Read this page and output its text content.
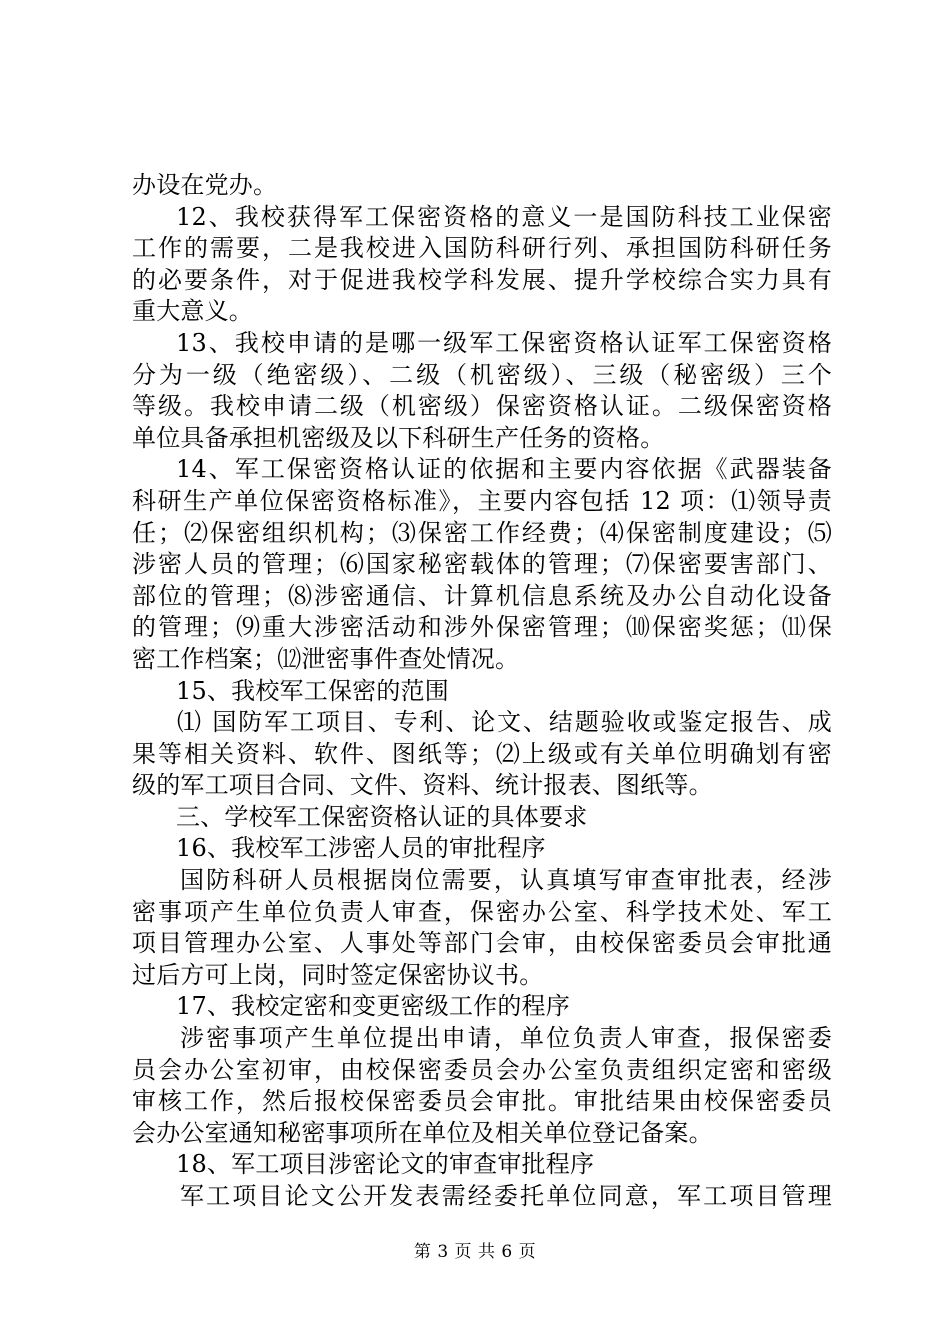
办设在党办。
12、我校获得军工保密资格的意义一是国防科技工业保密
工作的需要，二是我校进入国防科研行列、承担国防科研任务
的必要条件，对于促进我校学科发展、提升学校综合实力具有
重大意义。
13、我校申请的是哪一级军工保密资格认证军工保密资格
分为一级（绝密级）、二级（机密级）、三级（秘密级）三个
等级。我校申请二级（机密级）保密资格认证。二级保密资格
单位具备承担机密级及以下科研生产任务的资格。
14、军工保密资格认证的依据和主要内容依据《武器装备
科研生产单位保密资格标准》，主要内容包括 12 项：⑴领导责
任；⑵保密组织机构；⑶保密工作经费；⑷保密制度建设；⑸
涉密人员的管理；⑹国家秘密载体的管理；⑺保密要害部门、
部位的管理；⑻涉密通信、计算机信息系统及办公自动化设备
的管理；⑼重大涉密活动和涉外保密管理；⑽保密奖惩；⑾保
密工作档案；⑿泄密事件查处情况。
15、我校军工保密的范围
⑴ 国防军工项目、专利、论文、结题验收或鉴定报告、成
果等相关资料、软件、图纸等；⑵上级或有关单位明确划有密
级的军工项目合同、文件、资料、统计报表、图纸等。
三、学校军工保密资格认证的具体要求
16、我校军工涉密人员的审批程序
国防科研人员根据岗位需要，认真填写审查审批表，经涉
密事项产生单位负责人审查，保密办公室、科学技术处、军工
项目管理办公室、人事处等部门会审，由校保密委员会审批通
过后方可上岗，同时签定保密协议书。
17、我校定密和变更密级工作的程序
涉密事项产生单位提出申请，单位负责人审查，报保密委
员会办公室初审，由校保密委员会办公室负责组织定密和密级
审核工作，然后报校保密委员会审批。审批结果由校保密委员
会办公室通知秘密事项所在单位及相关单位登记备案。
18、军工项目涉密论文的审查审批程序
军工项目论文公开发表需经委托单位同意，军工项目管理
第 3 页 共 6 页
